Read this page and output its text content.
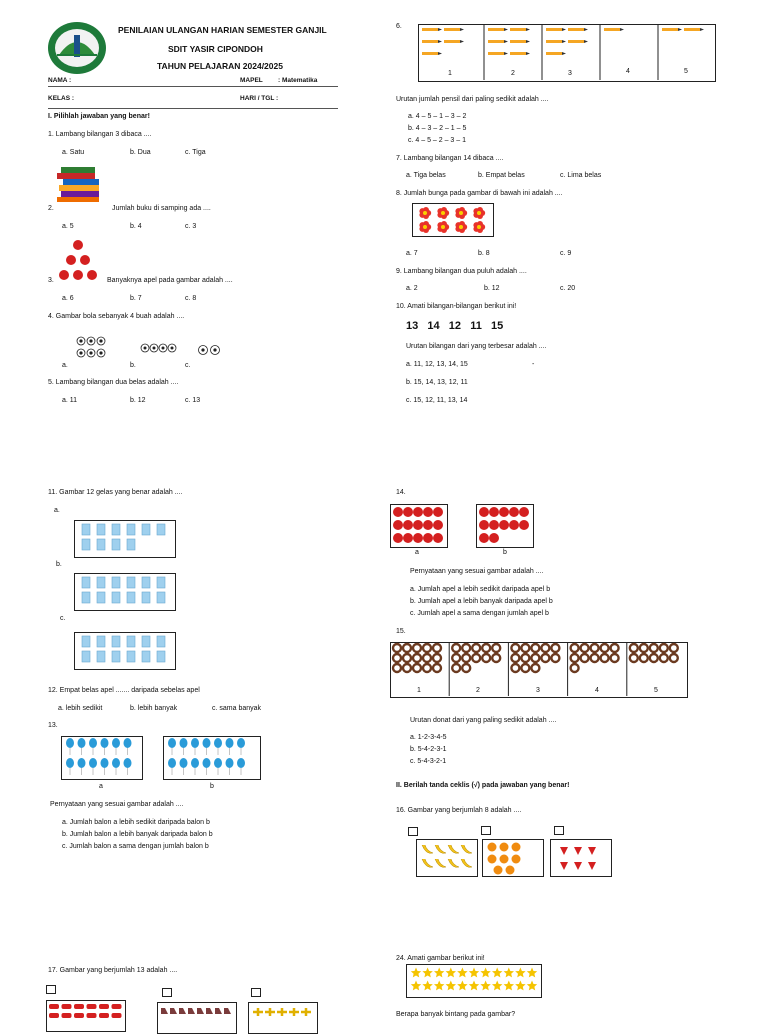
PENILAIAN ULANGAN HARIAN SEMESTER GANJIL
SDIT YASIR CIPONDOH
TAHUN PELAJARAN 2024/2025
NAMA :	MAPEL : Matematika
KELAS :	HARI / TGL :
I. Pilihlah jawaban yang benar!
1. Lambang bilangan 3 dibaca ....
a. Satu	b. Dua	c. Tiga
2.	Jumlah buku di samping ada ....
a. 5	b. 4	c. 3
3.	Banyaknya apel pada gambar adalah ....
a. 6	b. 7	c. 8
4. Gambar bola sebanyak 4 buah adalah ....
a.	b.	c.
5. Lambang bilangan dua belas adalah ....
a. 11	b. 12	c. 13
6.
1	2	3	4	5
Urutan jumlah pensil dari paling sedikit adalah ....
a. 4 – 5 – 1 – 3 – 2
b. 4 – 3 – 2 – 1 – 5
c. 4 – 5 – 2 – 3 – 1
7. Lambang bilangan 14 dibaca ....
a. Tiga belas	b. Empat belas	c. Lima belas
8. Jumlah bunga pada gambar di bawah ini adalah ....
a. 7	b. 8	c. 9
9. Lambang bilangan dua puluh adalah ....
a. 2	b. 12	c. 20
10. Amati bilangan-bilangan berikut ini!
13   14   12   11   15
Urutan bilangan dari yang terbesar adalah ....
a. 11, 12, 13, 14, 15	-
b. 15, 14, 13, 12, 11
c. 15, 12, 11, 13, 14
11. Gambar 12 gelas yang benar adalah ....
a.
b.
c.
12. Empat belas apel ....... daripada sebelas apel
a. lebih sedikit	b. lebih banyak	c. sama banyak
13.
a	b
Pernyataan yang sesuai gambar adalah ....
a. Jumlah balon a lebih sedikit daripada balon b
b. Jumlah balon a lebih banyak daripada balon b
c. Jumlah balon a sama dengan jumlah balon b
14.
a	b
Pernyataan yang sesuai gambar adalah ....
a. Jumlah apel a lebih sedikit daripada apel b
b. Jumlah apel a lebih banyak daripada apel b
c. Jumlah apel a sama dengan jumlah apel b
15.
1	2	3	4	5
Urutan donat dari yang paling sedikit adalah ....
a. 1-2-3-4-5
b. 5-4-2-3-1
c. 5-4-3-2-1
II. Berilah tanda ceklis (√) pada jawaban yang benar!
16. Gambar yang berjumlah 8 adalah ....
17. Gambar yang berjumlah 13 adalah ....
24. Amati gambar berikut ini!
Berapa banyak bintang pada gambar?
